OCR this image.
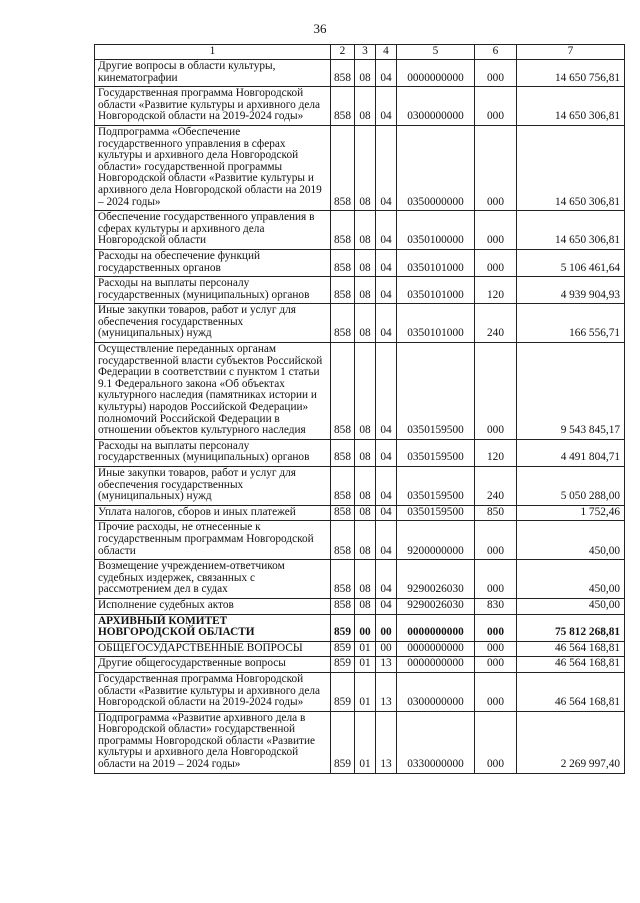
36
1	2	3	4	5	6	7
Другие вопросы в области культуры, кинематографии	858	08	04	0000000000	000	14 650 756,81
Государственная программа Новгородской области «Развитие культуры и архивного дела Новгородской области на 2019-2024 годы»	858	08	04	0300000000	000	14 650 306,81
Подпрограмма «Обеспечение государственного управления в сферах культуры и архивного дела Новгородской области» государственной программы Новгородской области «Развитие культуры и архивного дела Новгородской области на 2019 – 2024 годы»	858	08	04	0350000000	000	14 650 306,81
Обеспечение государственного управления в сферах культуры и архивного дела Новгородской области	858	08	04	0350100000	000	14 650 306,81
Расходы на обеспечение функций государственных органов	858	08	04	0350101000	000	5 106 461,64
Расходы на выплаты персоналу государственных (муниципальных) органов	858	08	04	0350101000	120	4 939 904,93
Иные закупки товаров, работ и услуг для обеспечения государственных (муниципальных) нужд	858	08	04	0350101000	240	166 556,71
Осуществление переданных органам государственной власти субъектов Российской Федерации в соответствии с пунктом 1 статьи 9.1 Федерального закона «Об объектах культурного наследия (памятниках истории и культуры) народов Российской Федерации» полномочий Российской Федерации в отношении объектов культурного наследия	858	08	04	0350159500	000	9 543 845,17
Расходы на выплаты персоналу государственных (муниципальных) органов	858	08	04	0350159500	120	4 491 804,71
Иные закупки товаров, работ и услуг для обеспечения государственных (муниципальных) нужд	858	08	04	0350159500	240	5 050 288,00
Уплата налогов, сборов и иных платежей	858	08	04	0350159500	850	1 752,46
Прочие расходы, не отнесенные к государственным программам Новгородской области	858	08	04	9200000000	000	450,00
Возмещение учреждением-ответчиком судебных издержек, связанных с рассмотрением дел в судах	858	08	04	9290026030	000	450,00
Исполнение судебных актов	858	08	04	9290026030	830	450,00
АРХИВНЫЙ КОМИТЕТ НОВГОРОДСКОЙ ОБЛАСТИ	859	00	00	0000000000	000	75 812 268,81
ОБЩЕГОСУДАРСТВЕННЫЕ ВОПРОСЫ	859	01	00	0000000000	000	46 564 168,81
Другие общегосударственные вопросы	859	01	13	0000000000	000	46 564 168,81
Государственная программа Новгородской области «Развитие культуры и архивного дела Новгородской области на 2019-2024 годы»	859	01	13	0300000000	000	46 564 168,81
Подпрограмма «Развитие архивного дела в Новгородской области» государственной программы Новгородской области «Развитие культуры и архивного дела Новгородской области на 2019 – 2024 годы»	859	01	13	0330000000	000	2 269 997,40
